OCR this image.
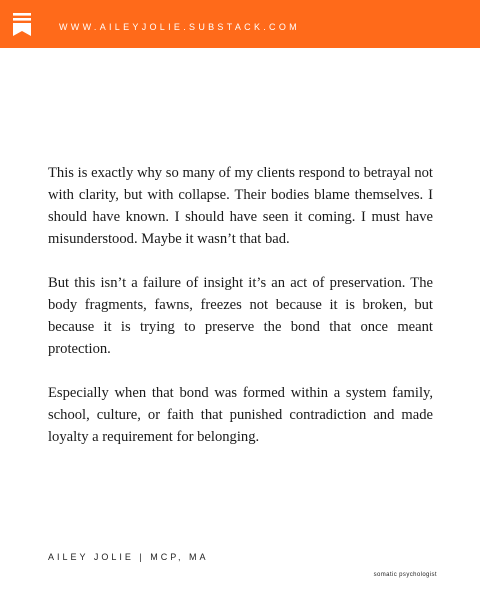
WWW.AILEYJOLIE.SUBSTACK.COM

This is exactly why so many of my clients respond to betrayal not with clarity, but with collapse. Their bodies blame themselves. I should have known. I should have seen it coming. I must have misunderstood. Maybe it wasn’t that bad.

But this isn’t a failure of insight it’s an act of preservation. The body fragments, fawns, freezes not because it is broken, but because it is trying to preserve the bond that once meant protection.

Especially when that bond was formed within a system family, school, culture, or faith that punished contradiction and made loyalty a requirement for belonging.

AILEY JOLIE | MCP, MA
somatic psychologist
